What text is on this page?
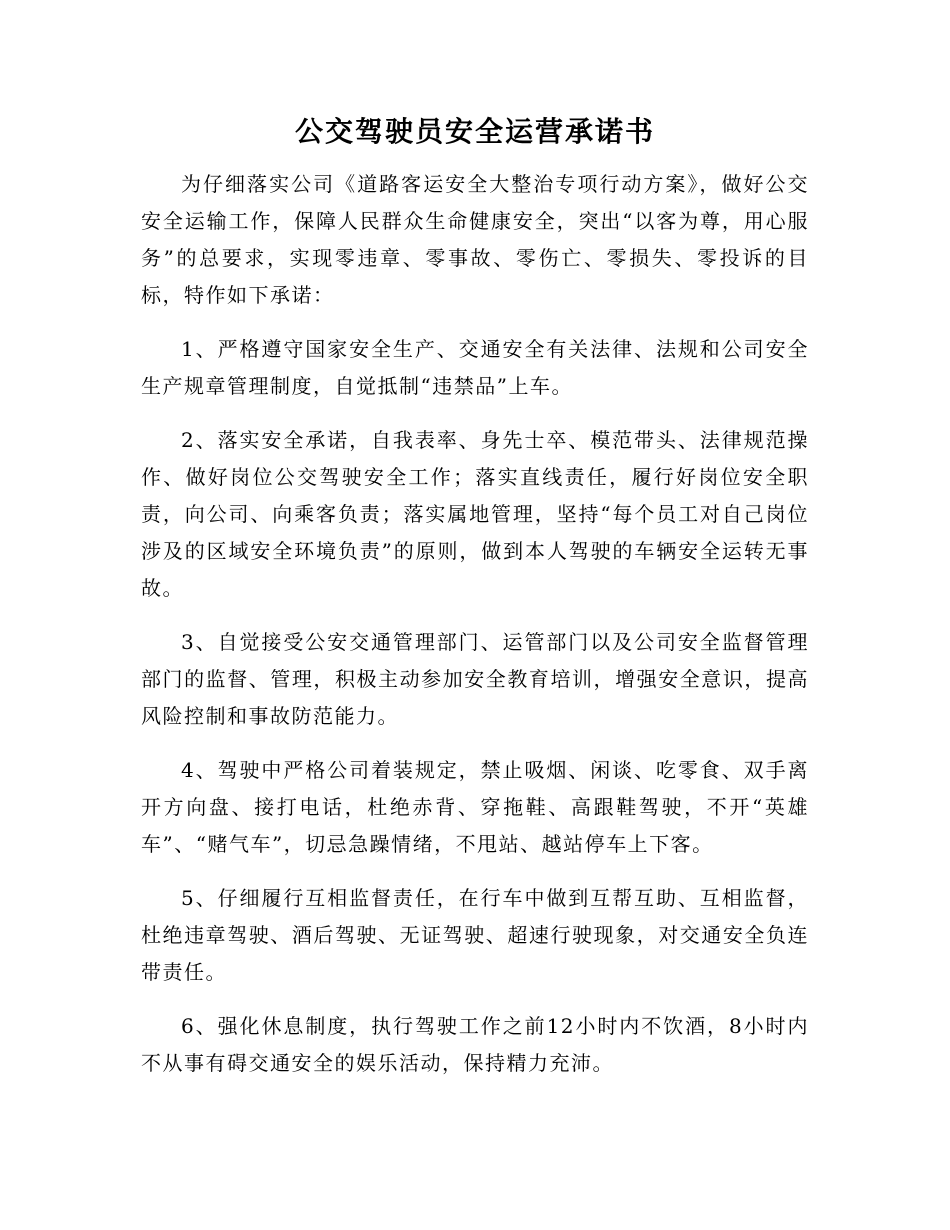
公交驾驶员安全运营承诺书

为仔细落实公司《道路客运安全大整治专项行动方案》，做好公交安全运输工作，保障人民群众生命健康安全，突出“以客为尊，用心服务”的总要求，实现零违章、零事故、零伤亡、零损失、零投诉的目标，特作如下承诺：

1、严格遵守国家安全生产、交通安全有关法律、法规和公司安全生产规章管理制度，自觉抵制“违禁品”上车。

2、落实安全承诺，自我表率、身先士卒、模范带头、法律规范操作、做好岗位公交驾驶安全工作；落实直线责任，履行好岗位安全职责，向公司、向乘客负责；落实属地管理，坚持“每个员工对自己岗位涉及的区域安全环境负责”的原则，做到本人驾驶的车辆安全运转无事故。

3、自觉接受公安交通管理部门、运管部门以及公司安全监督管理部门的监督、管理，积极主动参加安全教育培训，增强安全意识，提高风险控制和事故防范能力。

4、驾驶中严格公司着装规定，禁止吸烟、闲谈、吃零食、双手离开方向盘、接打电话，杜绝赤背、穿拖鞋、高跟鞋驾驶，不开“英雄车”、“赌气车”，切忌急躁情绪，不甩站、越站停车上下客。

5、仔细履行互相监督责任，在行车中做到互帮互助、互相监督，杜绝违章驾驶、酒后驾驶、无证驾驶、超速行驶现象，对交通安全负连带责任。

6、强化休息制度，执行驾驶工作之前12小时内不饮酒，8小时内不从事有碍交通安全的娱乐活动，保持精力充沛。
